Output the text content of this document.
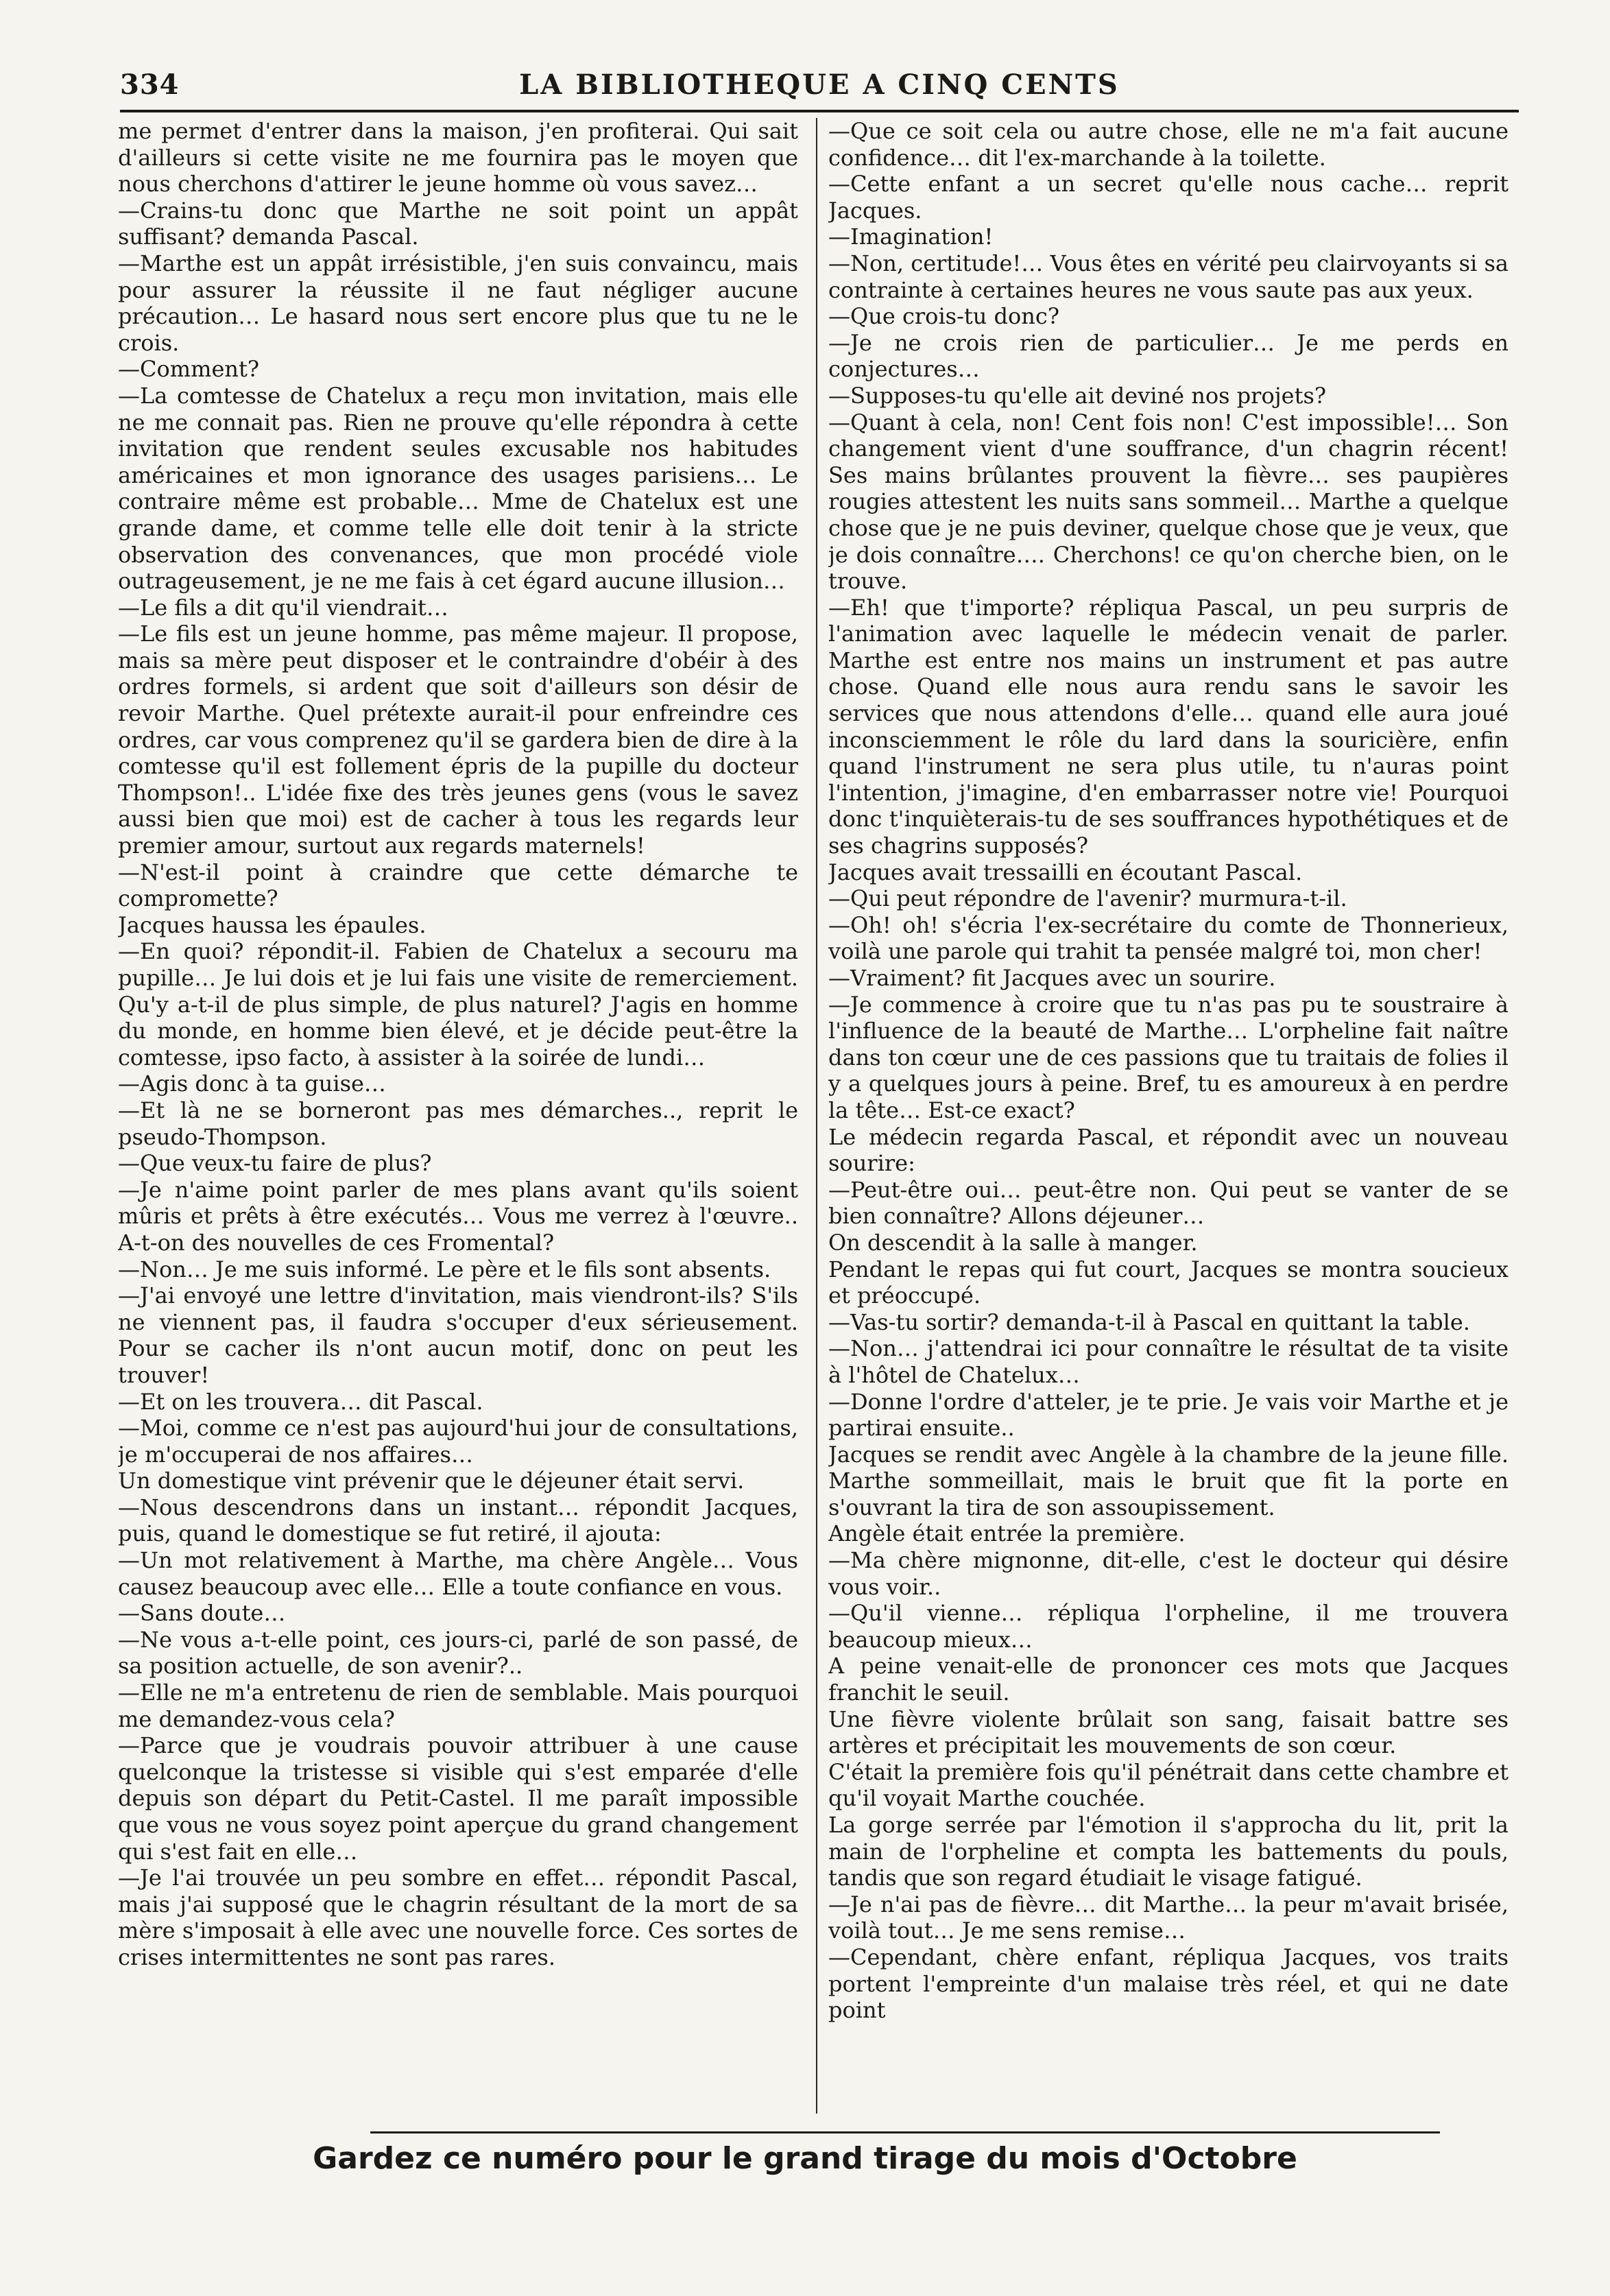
334	LA BIBLIOTHEQUE A CINQ CENTS

me permet d'entrer dans la maison, j'en profiterai. Qui sait d'ailleurs si cette visite ne me fournira pas le moyen que nous cherchons d'attirer le jeune homme où vous savez…

—Crains-tu donc que Marthe ne soit point un appât suffisant? demanda Pascal.

—Marthe est un appât irrésistible, j'en suis convaincu, mais pour assurer la réussite il ne faut négliger aucune précaution… Le hasard nous sert encore plus que tu ne le crois.

—Comment?

—La comtesse de Chatelux a reçu mon invitation, mais elle ne me connait pas. Rien ne prouve qu'elle répondra à cette invitation que rendent seules excusable nos habitudes américaines et mon ignorance des usages parisiens… Le contraire même est probable… Mme de Chatelux est une grande dame, et comme telle elle doit tenir à la stricte observation des convenances, que mon procédé viole outrageusement, je ne me fais à cet égard aucune illusion…

—Le fils a dit qu'il viendrait…

—Le fils est un jeune homme, pas même majeur. Il propose, mais sa mère peut disposer et le contraindre d'obéir à des ordres formels, si ardent que soit d'ailleurs son désir de revoir Marthe. Quel prétexte aurait-il pour enfreindre ces ordres, car vous comprenez qu'il se gardera bien de dire à la comtesse qu'il est follement épris de la pupille du docteur Thompson!.. L'idée fixe des très jeunes gens (vous le savez aussi bien que moi) est de cacher à tous les regards leur premier amour, surtout aux regards maternels!

—N'est-il point à craindre que cette démarche te compromette?

Jacques haussa les épaules.

—En quoi? répondit-il. Fabien de Chatelux a secouru ma pupille… Je lui dois et je lui fais une visite de remerciement. Qu'y a-t-il de plus simple, de plus naturel? J'agis en homme du monde, en homme bien élevé, et je décide peut-être la comtesse, ipso facto, à assister à la soirée de lundi…

—Agis donc à ta guise…

—Et là ne se borneront pas mes démarches.., reprit le pseudo-Thompson.

—Que veux-tu faire de plus?

—Je n'aime point parler de mes plans avant qu'ils soient mûris et prêts à être exécutés… Vous me verrez à l'œuvre.. A-t-on des nouvelles de ces Fromental?

—Non… Je me suis informé. Le père et le fils sont absents.

—J'ai envoyé une lettre d'invitation, mais viendront-ils? S'ils ne viennent pas, il faudra s'occuper d'eux sérieusement. Pour se cacher ils n'ont aucun motif, donc on peut les trouver!

—Et on les trouvera… dit Pascal.

—Moi, comme ce n'est pas aujourd'hui jour de consultations, je m'occuperai de nos affaires…

Un domestique vint prévenir que le déjeuner était servi.

—Nous descendrons dans un instant… répondit Jacques, puis, quand le domestique se fut retiré, il ajouta:

—Un mot relativement à Marthe, ma chère Angèle… Vous causez beaucoup avec elle… Elle a toute confiance en vous.

—Sans doute…

—Ne vous a-t-elle point, ces jours-ci, parlé de son passé, de sa position actuelle, de son avenir?..

—Elle ne m'a entretenu de rien de semblable. Mais pourquoi me demandez-vous cela?

—Parce que je voudrais pouvoir attribuer à une cause quelconque la tristesse si visible qui s'est emparée d'elle depuis son départ du Petit-Castel. Il me paraît impossible que vous ne vous soyez point aperçue du grand changement qui s'est fait en elle…

—Je l'ai trouvée un peu sombre en effet… répondit Pascal, mais j'ai supposé que le chagrin résultant de la mort de sa mère s'imposait à elle avec une nouvelle force. Ces sortes de crises intermittentes ne sont pas rares.

—Que ce soit cela ou autre chose, elle ne m'a fait aucune confidence… dit l'ex-marchande à la toilette.

—Cette enfant a un secret qu'elle nous cache… reprit Jacques.

—Imagination!

—Non, certitude!… Vous êtes en vérité peu clairvoyants si sa contrainte à certaines heures ne vous saute pas aux yeux.

—Que crois-tu donc?

—Je ne crois rien de particulier… Je me perds en conjectures…

—Supposes-tu qu'elle ait deviné nos projets?

—Quant à cela, non! Cent fois non! C'est impossible!… Son changement vient d'une souffrance, d'un chagrin récent! Ses mains brûlantes prouvent la fièvre… ses paupières rougies attestent les nuits sans sommeil… Marthe a quelque chose que je ne puis deviner, quelque chose que je veux, que je dois connaître…. Cherchons! ce qu'on cherche bien, on le trouve.

—Eh! que t'importe? répliqua Pascal, un peu surpris de l'animation avec laquelle le médecin venait de parler. Marthe est entre nos mains un instrument et pas autre chose. Quand elle nous aura rendu sans le savoir les services que nous attendons d'elle… quand elle aura joué inconsciemment le rôle du lard dans la souricière, enfin quand l'instrument ne sera plus utile, tu n'auras point l'intention, j'imagine, d'en embarrasser notre vie! Pourquoi donc t'inquièterais-tu de ses souffrances hypothétiques et de ses chagrins supposés?

Jacques avait tressailli en écoutant Pascal.

—Qui peut répondre de l'avenir? murmura-t-il.

—Oh! oh! s'écria l'ex-secrétaire du comte de Thonnerieux, voilà une parole qui trahit ta pensée malgré toi, mon cher!

—Vraiment? fit Jacques avec un sourire.

—Je commence à croire que tu n'as pas pu te soustraire à l'influence de la beauté de Marthe… L'orpheline fait naître dans ton cœur une de ces passions que tu traitais de folies il y a quelques jours à peine. Bref, tu es amoureux à en perdre la tête… Est-ce exact?

Le médecin regarda Pascal, et répondit avec un nouveau sourire:

—Peut-être oui… peut-être non. Qui peut se vanter de se bien connaître? Allons déjeuner…

On descendit à la salle à manger.

Pendant le repas qui fut court, Jacques se montra soucieux et préoccupé.

—Vas-tu sortir? demanda-t-il à Pascal en quittant la table.

—Non… j'attendrai ici pour connaître le résultat de ta visite à l'hôtel de Chatelux…

—Donne l'ordre d'atteler, je te prie. Je vais voir Marthe et je partirai ensuite..

Jacques se rendit avec Angèle à la chambre de la jeune fille. Marthe sommeillait, mais le bruit que fit la porte en s'ouvrant la tira de son assoupissement.

Angèle était entrée la première.

—Ma chère mignonne, dit-elle, c'est le docteur qui désire vous voir..

—Qu'il vienne… répliqua l'orpheline, il me trouvera beaucoup mieux…

A peine venait-elle de prononcer ces mots que Jacques franchit le seuil.

Une fièvre violente brûlait son sang, faisait battre ses artères et précipitait les mouvements de son cœur.

C'était la première fois qu'il pénétrait dans cette chambre et qu'il voyait Marthe couchée.

La gorge serrée par l'émotion il s'approcha du lit, prit la main de l'orpheline et compta les battements du pouls, tandis que son regard étudiait le visage fatigué.

—Je n'ai pas de fièvre… dit Marthe… la peur m'avait brisée, voilà tout… Je me sens remise…

—Cependant, chère enfant, répliqua Jacques, vos traits portent l'empreinte d'un malaise très réel, et qui ne date point

Gardez ce numéro pour le grand tirage du mois d'Octobre
